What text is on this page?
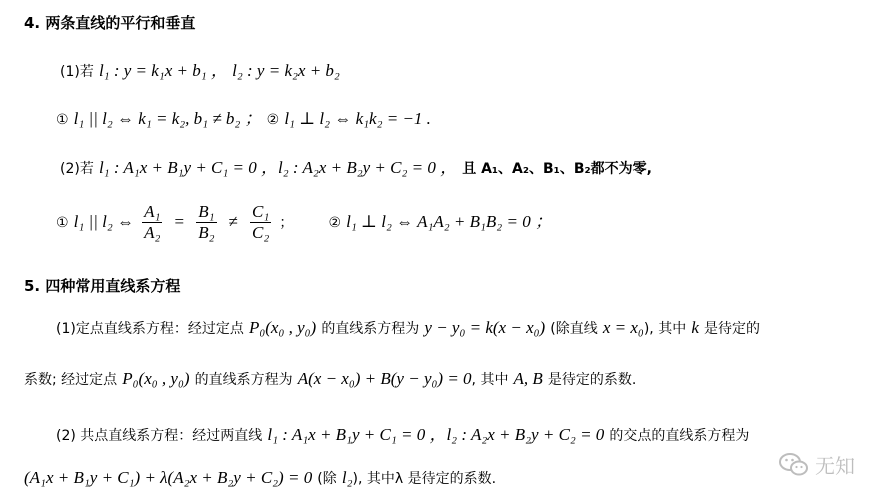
4. 两条直线的平行和垂直
(1)若 l₁ : y = k₁x + b₁ ， l₂ : y = k₂x + b₂
① l₁ || l₂ ⇔ k₁ = k₂, b₁ ≠ b₂ ； ② l₁ ⊥ l₂ ⇔ k₁k₂ = −1 .
(2)若 l₁ : A₁x + B₁y + C₁ = 0 ，l₂ : A₂x + B₂y + C₂ = 0 ， 且 A₁、A₂、B₁、B₂都不为零,
① l₁ || l₂ ⇔ $\frac{\text{A₁}}{\text{A₂}} = \frac{\text{B₁}}{\text{B₂}} \ne \frac{\text{C₁}}{\text{C₂}}$ ；	② l₁ ⊥ l₂ ⇔ A₁A₂ + B₁B₂ = 0 ；
5. 四种常用直线系方程
(1)定点直线系方程：经过定点 P₀(x₀ , y₀) 的直线系方程为 y − y₀ = k(x − x₀) (除直线 x = x₀), 其中 k 是待定的
系数; 经过定点 P₀(x₀ , y₀) 的直线系方程为 A(x − x₀) + B(y − y₀) = 0, 其中 A, B 是待定的系数.
(2) 共点直线系方程：经过两直线 l₁ : A₁x + B₁y + C₁ = 0 ，l₂ : A₂x + B₂y + C₂ = 0 的交点的直线系方程为
(A₁x + B₁y + C₁) + λ(A₂x + B₂y + C₂) = 0 (除 l₂), 其中λ 是待定的系数.
无知
